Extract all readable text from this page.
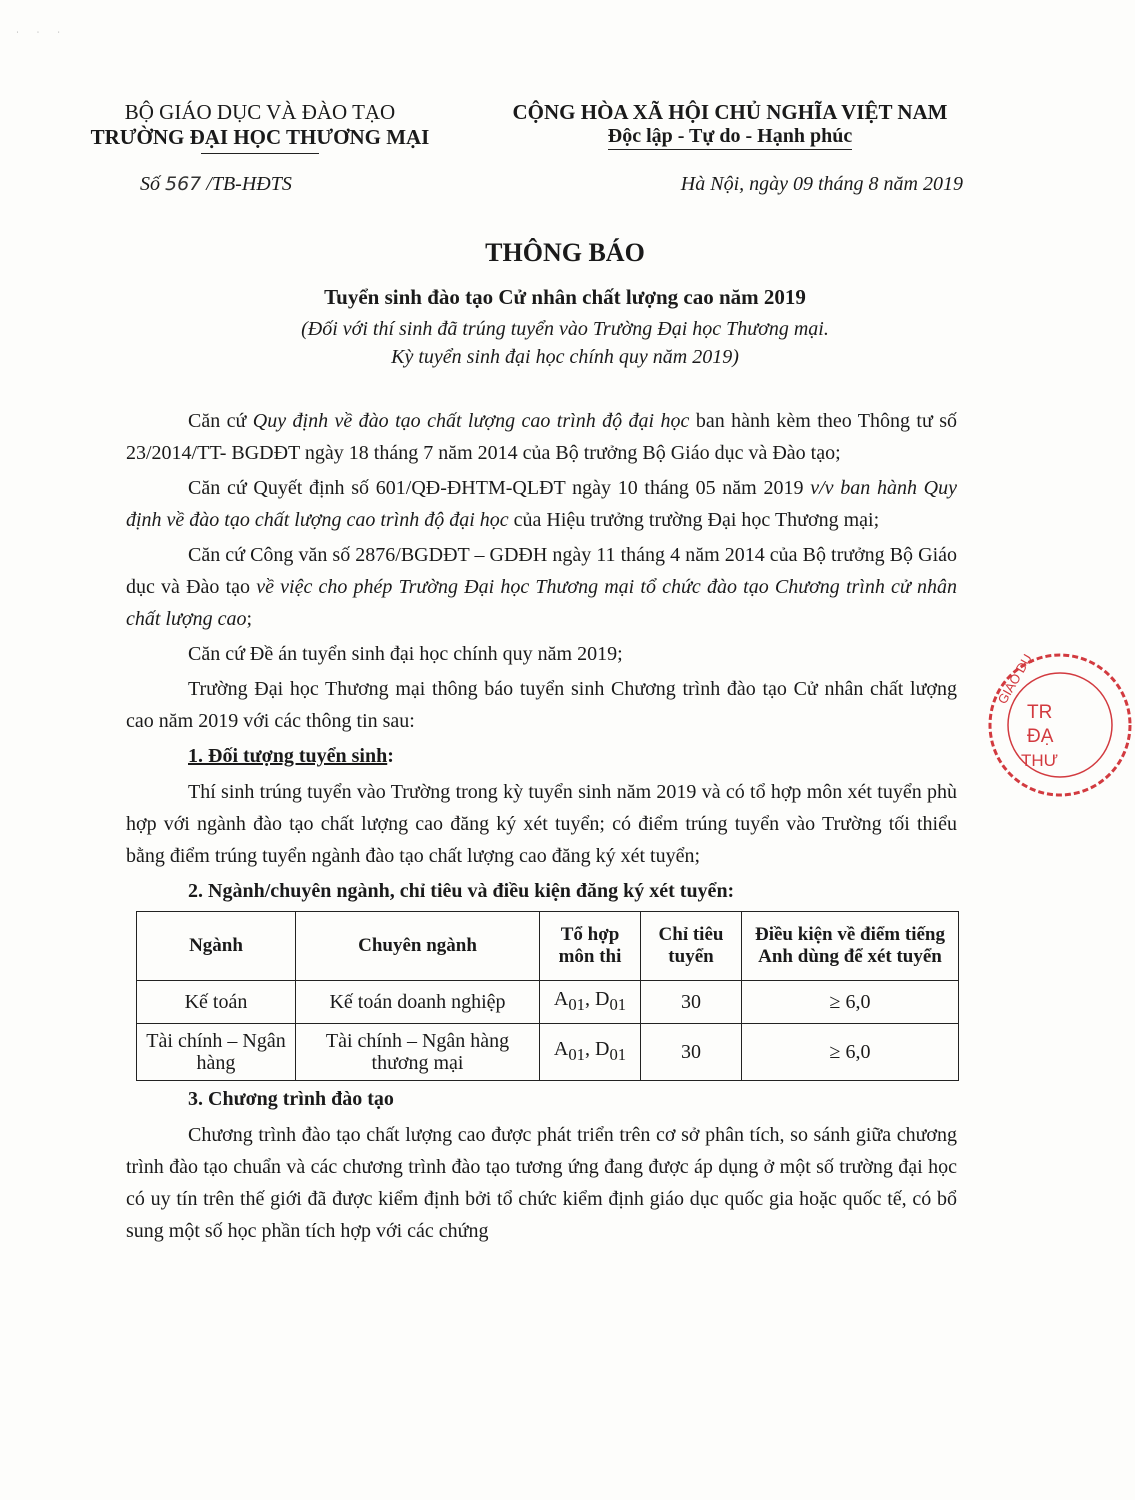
˙ ˙ ˙
BỘ GIÁO DỤC VÀ ĐÀO TẠO
TRƯỜNG ĐẠI HỌC THƯƠNG MẠI
CỘNG HÒA XÃ HỘI CHỦ NGHĨA VIỆT NAM
Độc lập - Tự do - Hạnh phúc
Số 567 /TB-HĐTS	Hà Nội, ngày 09 tháng 8 năm 2019
THÔNG BÁO
Tuyển sinh đào tạo Cử nhân chất lượng cao năm 2019
(Đối với thí sinh đã trúng tuyển vào Trường Đại học Thương mại.
Kỳ tuyển sinh đại học chính quy năm 2019)

Căn cứ Quy định về đào tạo chất lượng cao trình độ đại học ban hành kèm theo Thông tư số 23/2014/TT- BGDĐT ngày 18 tháng 7 năm 2014 của Bộ trưởng Bộ Giáo dục và Đào tạo;

Căn cứ Quyết định số 601/QĐ-ĐHTM-QLĐT ngày 10 tháng 05 năm 2019 v/v ban hành Quy định về đào tạo chất lượng cao trình độ đại học của Hiệu trưởng trường Đại học Thương mại;

Căn cứ Công văn số 2876/BGDĐT – GDĐH ngày 11 tháng 4 năm 2014 của Bộ trưởng Bộ Giáo dục và Đào tạo về việc cho phép Trường Đại học Thương mại tổ chức đào tạo Chương trình cử nhân chất lượng cao;

Căn cứ Đề án tuyển sinh đại học chính quy năm 2019;

Trường Đại học Thương mại thông báo tuyển sinh Chương trình đào tạo Cử nhân chất lượng cao năm 2019 với các thông tin sau:

1. Đối tượng tuyển sinh:

Thí sinh trúng tuyển vào Trường trong kỳ tuyển sinh năm 2019 và có tổ hợp môn xét tuyển phù hợp với ngành đào tạo chất lượng cao đăng ký xét tuyển; có điểm trúng tuyển vào Trường tối thiểu bằng điểm trúng tuyển ngành đào tạo chất lượng cao đăng ký xét tuyển;

2. Ngành/chuyên ngành, chỉ tiêu và điều kiện đăng ký xét tuyển:
Ngành	Chuyên ngành	Tổ hợp môn thi	Chỉ tiêu tuyển	Điều kiện về điểm tiếng Anh dùng để xét tuyển
Kế toán	Kế toán doanh nghiệp	$A_{01}$, $D_{01}$	30	≥ 6,0
Tài chính – Ngân hàng	Tài chính – Ngân hàng thương mại	$A_{01}$, $D_{01}$	30	≥ 6,0
3. Chương trình đào tạo

Chương trình đào tạo chất lượng cao được phát triển trên cơ sở phân tích, so sánh giữa chương trình đào tạo chuẩn và các chương trình đào tạo tương ứng đang được áp dụng ở một số trường đại học có uy tín trên thế giới đã được kiểm định bởi tổ chức kiểm định giáo dục quốc gia hoặc quốc tế, có bổ sung một số học phần tích hợp với các chứng

GIÁO DỤ
TR
ĐẠ
THƯ
